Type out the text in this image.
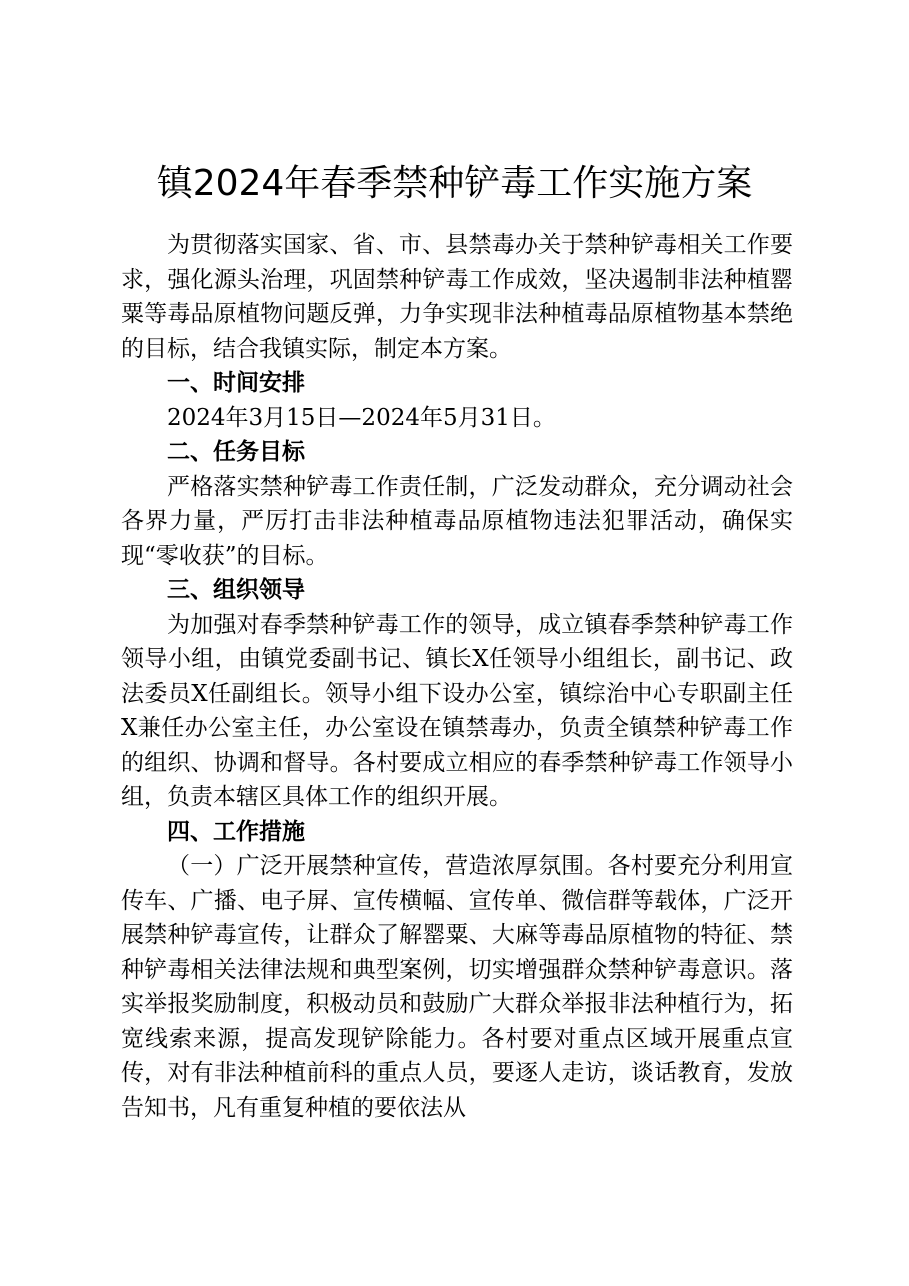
镇2024年春季禁种铲毒工作实施方案

为贯彻落实国家、省、市、县禁毒办关于禁种铲毒相关工作要求，强化源头治理，巩固禁种铲毒工作成效，坚决遏制非法种植罂粟等毒品原植物问题反弹，力争实现非法种植毒品原植物基本禁绝的目标，结合我镇实际，制定本方案。

一、时间安排

2024年3月15日—2024年5月31日。

二、任务目标

严格落实禁种铲毒工作责任制，广泛发动群众，充分调动社会各界力量，严厉打击非法种植毒品原植物违法犯罪活动，确保实现“零收获”的目标。

三、组织领导

为加强对春季禁种铲毒工作的领导，成立镇春季禁种铲毒工作领导小组，由镇党委副书记、镇长X任领导小组组长，副书记、政法委员X任副组长。领导小组下设办公室，镇综治中心专职副主任X兼任办公室主任，办公室设在镇禁毒办，负责全镇禁种铲毒工作的组织、协调和督导。各村要成立相应的春季禁种铲毒工作领导小组，负责本辖区具体工作的组织开展。

四、工作措施

（一）广泛开展禁种宣传，营造浓厚氛围。各村要充分利用宣传车、广播、电子屏、宣传横幅、宣传单、微信群等载体，广泛开展禁种铲毒宣传，让群众了解罂粟、大麻等毒品原植物的特征、禁种铲毒相关法律法规和典型案例，切实增强群众禁种铲毒意识。落实举报奖励制度，积极动员和鼓励广大群众举报非法种植行为，拓宽线索来源，提高发现铲除能力。各村要对重点区域开展重点宣传，对有非法种植前科的重点人员，要逐人走访，谈话教育，发放告知书，凡有重复种植的要依法从
